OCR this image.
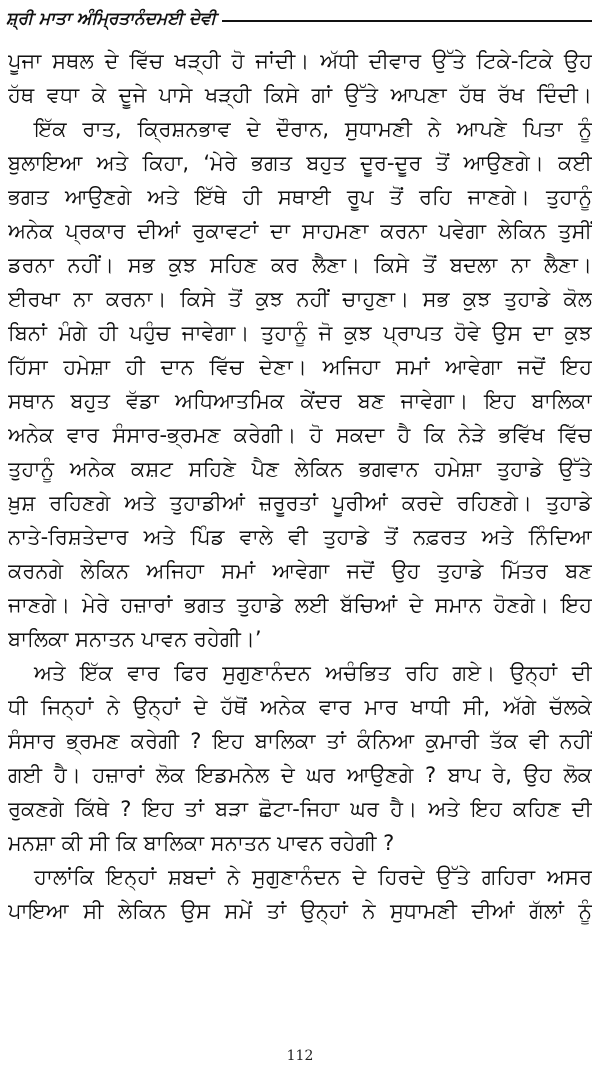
ਸ਼੍ਰੀ ਮਾਤਾ ਅੰਮ੍ਰਿਤਾਨੰਦਮਈ ਦੇਵੀ
ਪੂਜਾ ਸਥਲ ਦੇ ਵਿੱਚ ਖੜ੍ਹੀ ਹੋ ਜਾਂਦੀ। ਅੱਧੀ ਦੀਵਾਰ ਉੱਤੇ ਟਿਕੇ-ਟਿਕੇ ਉਹ
ਹੱਥ ਵਧਾ ਕੇ ਦੂਜੇ ਪਾਸੇ ਖੜ੍ਹੀ ਕਿਸੇ ਗਾਂ ਉੱਤੇ ਆਪਣਾ ਹੱਥ ਰੱਖ ਦਿੰਦੀ।
ਇੱਕ ਰਾਤ, ਕ੍ਰਿਸ਼ਨਭਾਵ ਦੇ ਦੌਰਾਨ, ਸੁਧਾਮਣੀ ਨੇ ਆਪਣੇ ਪਿਤਾ ਨੂੰ
ਬੁਲਾਇਆ ਅਤੇ ਕਿਹਾ, ‘ਮੇਰੇ ਭਗਤ ਬਹੁਤ ਦੂਰ-ਦੂਰ ਤੋਂ ਆਉਣਗੇ। ਕਈ
ਭਗਤ ਆਉਣਗੇ ਅਤੇ ਇੱਥੇ ਹੀ ਸਥਾਈ ਰੂਪ ਤੋਂ ਰਹਿ ਜਾਣਗੇ। ਤੁਹਾਨੂੰ
ਅਨੇਕ ਪ੍ਰਕਾਰ ਦੀਆਂ ਰੁਕਾਵਟਾਂ ਦਾ ਸਾਹਮਣਾ ਕਰਨਾ ਪਵੇਗਾ ਲੇਕਿਨ ਤੁਸੀਂ
ਡਰਨਾ ਨਹੀਂ। ਸਭ ਕੁਝ ਸਹਿਣ ਕਰ ਲੈਣਾ। ਕਿਸੇ ਤੋਂ ਬਦਲਾ ਨਾ ਲੈਣਾ।
ਈਰਖਾ ਨਾ ਕਰਨਾ। ਕਿਸੇ ਤੋਂ ਕੁਝ ਨਹੀਂ ਚਾਹੁਣਾ। ਸਭ ਕੁਝ ਤੁਹਾਡੇ ਕੋਲ
ਬਿਨਾਂ ਮੰਗੇ ਹੀ ਪਹੁੰਚ ਜਾਵੇਗਾ। ਤੁਹਾਨੂੰ ਜੋ ਕੁਝ ਪ੍ਰਾਪਤ ਹੋਵੇ ਉਸ ਦਾ ਕੁਝ
ਹਿੱਸਾ ਹਮੇਸ਼ਾ ਹੀ ਦਾਨ ਵਿੱਚ ਦੇਣਾ। ਅਜਿਹਾ ਸਮਾਂ ਆਵੇਗਾ ਜਦੋਂ ਇਹ
ਸਥਾਨ ਬਹੁਤ ਵੱਡਾ ਅਧਿਆਤਮਿਕ ਕੇਂਦਰ ਬਣ ਜਾਵੇਗਾ। ਇਹ ਬਾਲਿਕਾ
ਅਨੇਕ ਵਾਰ ਸੰਸਾਰ-ਭ੍ਰਮਣ ਕਰੇਗੀ। ਹੋ ਸਕਦਾ ਹੈ ਕਿ ਨੇੜੇ ਭਵਿੱਖ ਵਿੱਚ
ਤੁਹਾਨੂੰ ਅਨੇਕ ਕਸ਼ਟ ਸਹਿਣੇ ਪੈਣ ਲੇਕਿਨ ਭਗਵਾਨ ਹਮੇਸ਼ਾ ਤੁਹਾਡੇ ਉੱਤੇ
ਖ਼ੁਸ਼ ਰਹਿਣਗੇ ਅਤੇ ਤੁਹਾਡੀਆਂ ਜ਼ਰੂਰਤਾਂ ਪੂਰੀਆਂ ਕਰਦੇ ਰਹਿਣਗੇ। ਤੁਹਾਡੇ
ਨਾਤੇ-ਰਿਸ਼ਤੇਦਾਰ ਅਤੇ ਪਿੰਡ ਵਾਲੇ ਵੀ ਤੁਹਾਡੇ ਤੋਂ ਨਫ਼ਰਤ ਅਤੇ ਨਿੰਦਿਆ
ਕਰਨਗੇ ਲੇਕਿਨ ਅਜਿਹਾ ਸਮਾਂ ਆਵੇਗਾ ਜਦੋਂ ਉਹ ਤੁਹਾਡੇ ਮਿੱਤਰ ਬਣ
ਜਾਣਗੇ। ਮੇਰੇ ਹਜ਼ਾਰਾਂ ਭਗਤ ਤੁਹਾਡੇ ਲਈ ਬੱਚਿਆਂ ਦੇ ਸਮਾਨ ਹੋਣਗੇ। ਇਹ
ਬਾਲਿਕਾ ਸਨਾਤਨ ਪਾਵਨ ਰਹੇਗੀ।’
ਅਤੇ ਇੱਕ ਵਾਰ ਫਿਰ ਸੁਗੁਣਾਨੰਦਨ ਅਚੰਭਿਤ ਰਹਿ ਗਏ। ਉਨ੍ਹਾਂ ਦੀ
ਧੀ ਜਿਨ੍ਹਾਂ ਨੇ ਉਨ੍ਹਾਂ ਦੇ ਹੱਥੋਂ ਅਨੇਕ ਵਾਰ ਮਾਰ ਖਾਧੀ ਸੀ, ਅੱਗੇ ਚੱਲਕੇ
ਸੰਸਾਰ ਭ੍ਰਮਣ ਕਰੇਗੀ ? ਇਹ ਬਾਲਿਕਾ ਤਾਂ ਕੰਨਿਆ ਕੁਮਾਰੀ ਤੱਕ ਵੀ ਨਹੀਂ
ਗਈ ਹੈ। ਹਜ਼ਾਰਾਂ ਲੋਕ ਇਡਮਨੇਲ ਦੇ ਘਰ ਆਉਣਗੇ ? ਬਾਪ ਰੇ, ਉਹ ਲੋਕ
ਰੁਕਣਗੇ ਕਿੱਥੇ ? ਇਹ ਤਾਂ ਬੜਾ ਛੋਟਾ-ਜਿਹਾ ਘਰ ਹੈ। ਅਤੇ ਇਹ ਕਹਿਣ ਦੀ
ਮਨਸ਼ਾ ਕੀ ਸੀ ਕਿ ਬਾਲਿਕਾ ਸਨਾਤਨ ਪਾਵਨ ਰਹੇਗੀ ?
ਹਾਲਾਂਕਿ ਇਨ੍ਹਾਂ ਸ਼ਬਦਾਂ ਨੇ ਸੁਗੁਣਾਨੰਦਨ ਦੇ ਹਿਰਦੇ ਉੱਤੇ ਗਹਿਰਾ ਅਸਰ
ਪਾਇਆ ਸੀ ਲੇਕਿਨ ਉਸ ਸਮੇਂ ਤਾਂ ਉਨ੍ਹਾਂ ਨੇ ਸੁਧਾਮਣੀ ਦੀਆਂ ਗੱਲਾਂ ਨੂੰ
112
